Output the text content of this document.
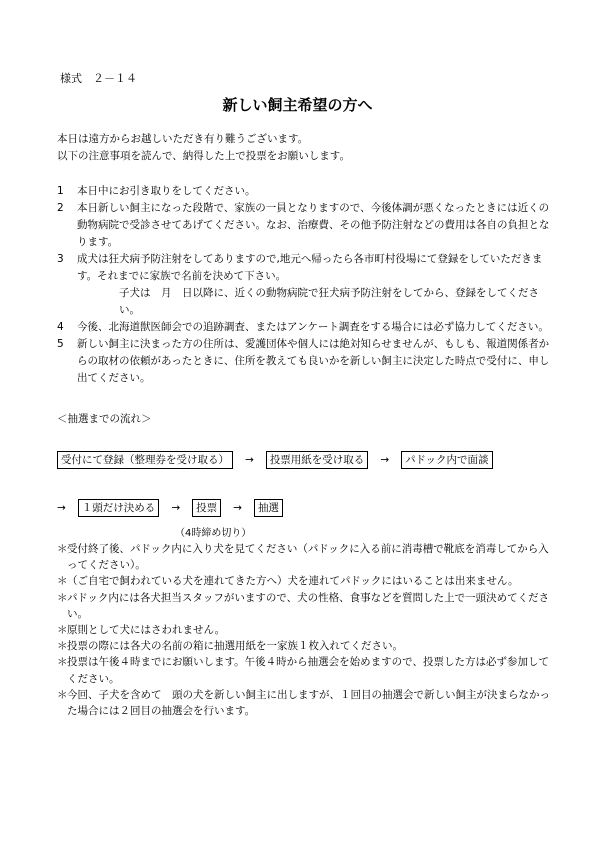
様式　２－１４
新しい飼主希望の方へ
本日は遠方からお越しいただき有り難うございます。
以下の注意事項を読んで、納得した上で投票をお願いします。
1	本日中にお引き取りをしてください。
2	本日新しい飼主になった段階で、家族の一員となりますので、今後体調が悪くなったときには近くの動物病院で受診させてあげてください。なお、治療費、その他予防注射などの費用は各自の負担となります。
3	成犬は狂犬病予防注射をしてありますので,地元へ帰ったら各市町村役場にて登録をしていただきます。それまでに家族で名前を決めて下さい。
子犬は　月　日以降に、近くの動物病院で狂犬病予防注射をしてから、登録をしてください。
4	今後、北海道獣医師会での追跡調査、またはアンケート調査をする場合には必ず協力してください。
5	新しい飼主に決まった方の住所は、愛護団体や個人には絶対知らせませんが、もしも、報道関係者からの取材の依頼があったときに、住所を教えても良いかを新しい飼主に決定した時点で受付に、申し出てください。
＜抽選までの流れ＞
受付にて登録（整理券を受け取る）	→	投票用紙を受け取る	→	パドック内で面談
→	１頭だけ決める	→	投票	→	抽選
（4時締め切り）
＊ 受付終了後、パドック内に入り犬を見てください（パドックに入る前に消毒槽で靴底を消毒してから入ってください）。
＊ （ご自宅で飼われている犬を連れてきた方へ）犬を連れてパドックにはいることは出来ません。
＊ パドック内には各犬担当スタッフがいますので、犬の性格、食事などを質問した上で一頭決めてください。
＊ 原則として犬にはさわれません。
＊ 投票の際には各犬の名前の箱に抽選用紙を一家族１枚入れてください。
＊ 投票は午後４時までにお願いします。午後４時から抽選会を始めますので、投票した方は必ず参加してください。
＊ 今回、子犬を含めて　頭の犬を新しい飼主に出しますが、１回目の抽選会で新しい飼主が決まらなかった場合には２回目の抽選会を行います。
